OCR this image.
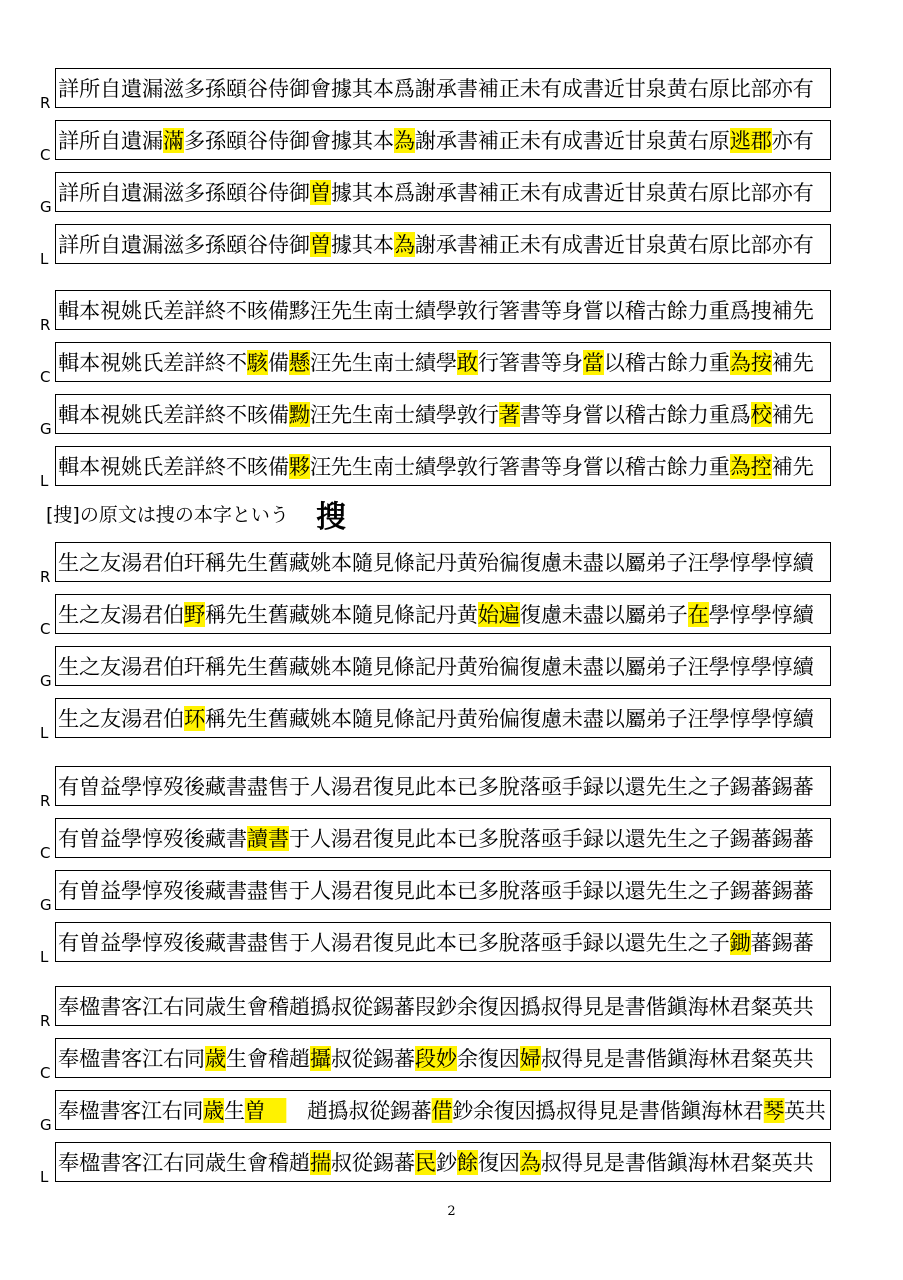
R
詳所自遺漏滋多孫頤谷侍御會據其本爲謝承書補正未有成書近甘泉黄右原比部亦有
C
詳所自遺漏滿多孫頤谷侍御會據其本為謝承書補正未有成書近甘泉黄右原逃郡亦有
G
詳所自遺漏滋多孫頤谷侍御曽據其本爲謝承書補正未有成書近甘泉黄右原比部亦有
L
詳所自遺漏滋多孫頤谷侍御曽據其本為謝承書補正未有成書近甘泉黄右原比部亦有
R
輯本視姚氏差詳終不晐備黟汪先生南士績學敦行箸書等身嘗以稽古餘力重爲捜補先
C
輯本視姚氏差詳終不駭備懸汪先生南士績學敢行箸書等身當以稽古餘力重為按補先
G
輯本視姚氏差詳終不晐備黝汪先生南士績學敦行著書等身嘗以稽古餘力重爲校補先
L
輯本視姚氏差詳終不晐備夥汪先生南士績學敦行箸書等身嘗以稽古餘力重為控補先
R
生之友湯君伯玕稱先生舊藏姚本隨見條記丹黄殆徧復慮未盡以屬弟子汪學惇學惇續
C
生之友湯君伯野稱先生舊藏姚本隨見條記丹黄始遍復慮未盡以屬弟子在學惇學惇續
G
生之友湯君伯玕稱先生舊藏姚本隨見條記丹黄殆徧復慮未盡以屬弟子汪學惇學惇續
L
生之友湯君伯环稱先生舊藏姚本隨見條記丹黄殆偏復慮未盡以屬弟子汪學惇學惇續
R
有曽益學惇歿後藏書盡售于人湯君復見此本已多脫落亟手録以還先生之子錫蕃錫蕃
C
有曽益學惇歿後藏書讀書于人湯君復見此本已多脫落亟手録以還先生之子錫蕃錫蕃
G
有曽益學惇歿後藏書盡售于人湯君復見此本已多脫落亟手録以還先生之子錫蕃錫蕃
L
有曽益學惇歿後藏書盡售于人湯君復見此本已多脫落亟手録以還先生之子鋤蕃錫蕃
R
奉楹書客江右同歳生會稽趙撝叔從錫蕃叚鈔余復因撝叔得見是書偕鎭海林君粲英共
C
奉楹書客江右同歳生會稽趙攝叔從錫蕃段妙余復因婦叔得見是書偕鎭海林君粲英共
G
奉楹書客江右同歳生曽　　趙撝叔從錫蕃借鈔余復因撝叔得見是書偕鎭海林君琴英共
L
奉楹書客江右同歳生會稽趙揣叔從錫蕃民鈔餘復因為叔得見是書偕鎭海林君粲英共
[捜]の原文は捜の本字という 搜
2
